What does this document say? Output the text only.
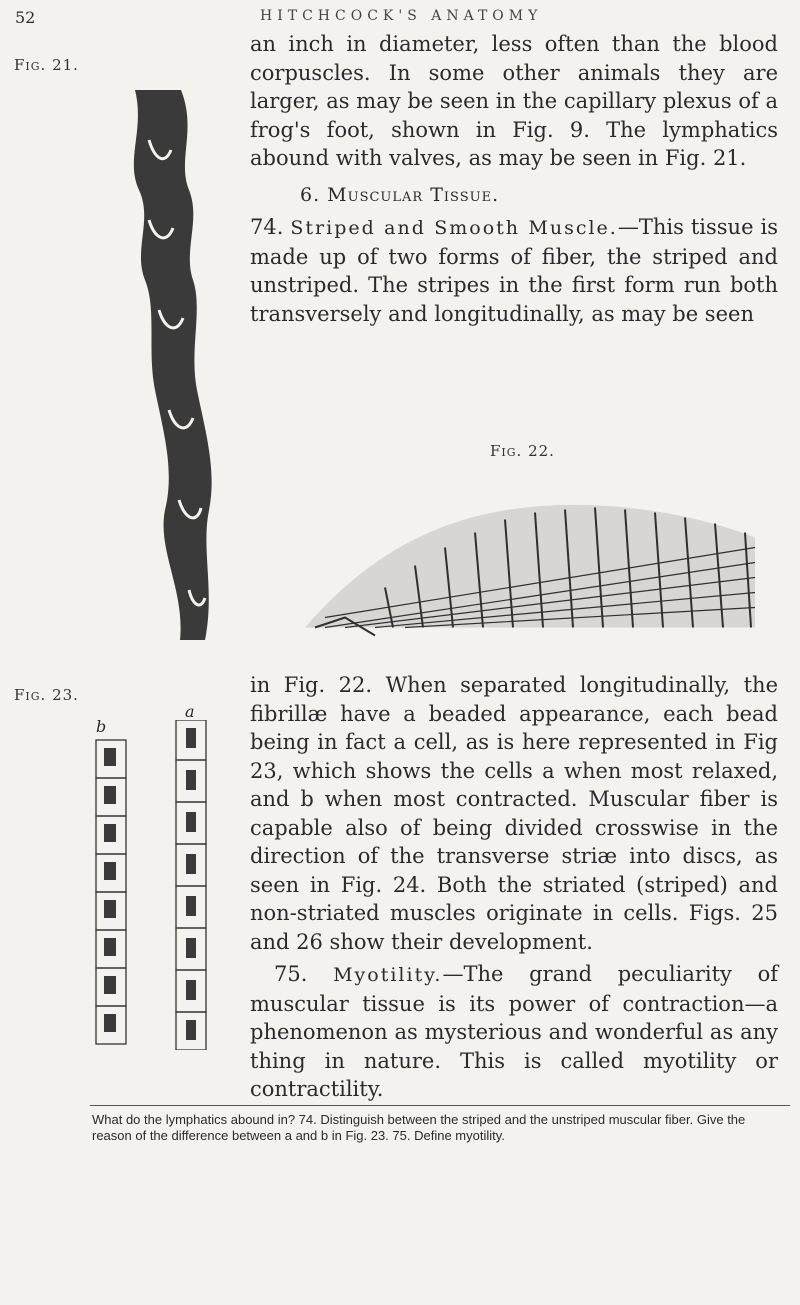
52	HITCHCOCK'S ANATOMY
Fig. 21.

an inch in diameter, less often than the blood corpuscles. In some other animals they are larger, as may be seen in the capillary plexus of a frog's foot, shown in Fig. 9. The lymphatics abound with valves, as may be seen in Fig. 21.

6. Muscular Tissue.

74. Striped and Smooth Muscle.—This tissue is made up of two forms of fiber, the striped and unstriped. The stripes in the first form run both transversely and longitudinally, as may be seen

Fig. 22.
Fig. 23.	in Fig. 22. When separated longitudinally, the fibrillæ have a beaded appearance, each bead being in fact a cell, as is here represented in Fig 23, which shows the cells a when most relaxed, and b when most contracted. Muscular fiber is capable also of being divided crosswise in the direction of the transverse striæ into discs, as seen in Fig. 24. Both the striated (striped) and non-striated muscles originate in cells. Figs. 25 and 26 show their development.

a
b

What do the lymphatics abound in? 74. Distinguish between the striped and the unstriped muscular fiber. Give the reason of the difference between a and b in Fig. 23. 75. Define myotility.

75. Myotility.—The grand peculiarity of muscular tissue is its power of contraction—a phenomenon as mysterious and wonderful as any thing in nature. This is called myotility or contractility.
